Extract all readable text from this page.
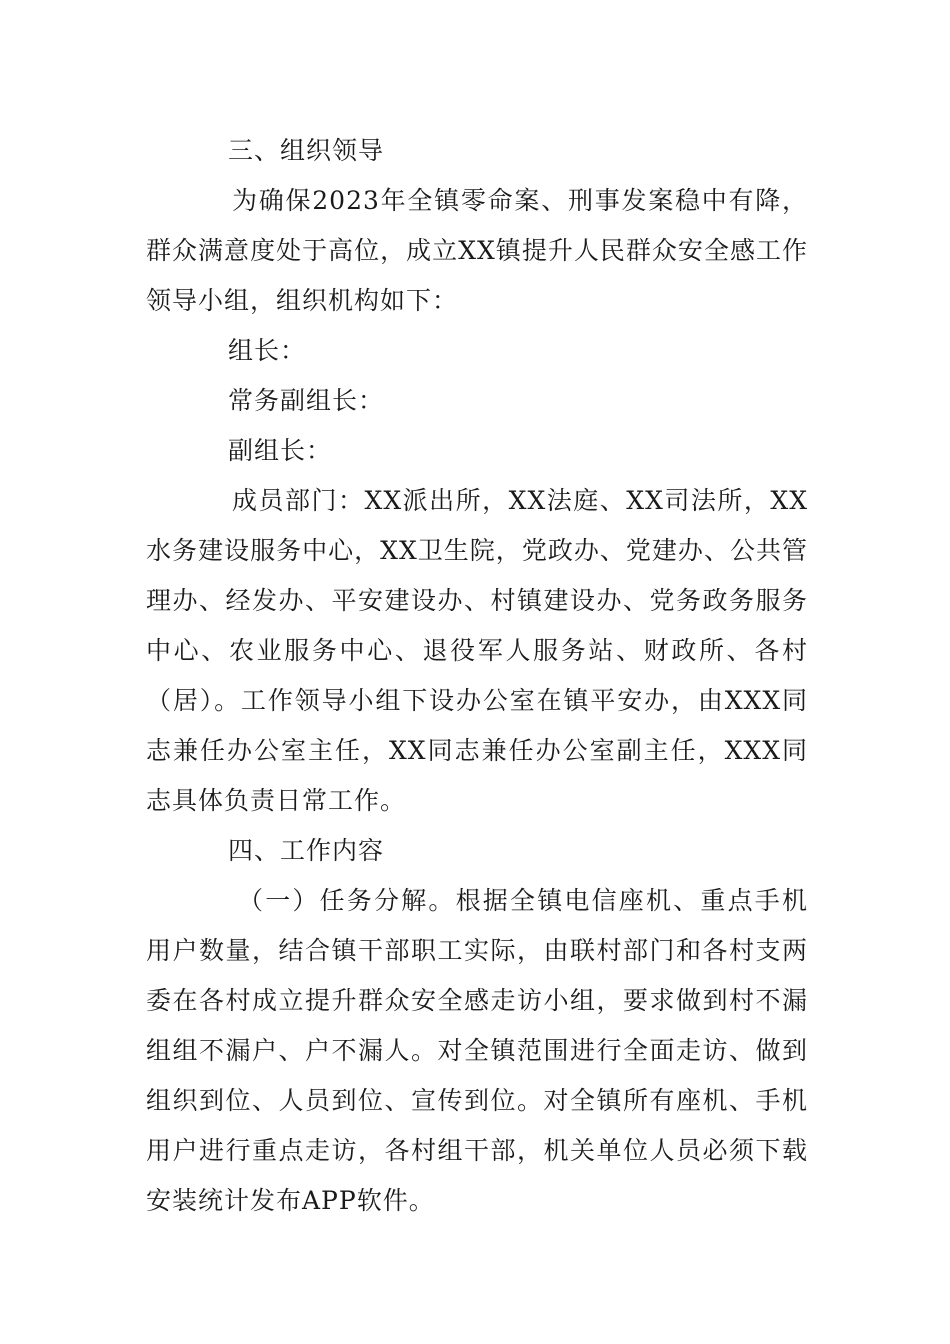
三、组织领导

为确保2023年全镇零命案、刑事发案稳中有降，群众满意度处于高位，成立XX镇提升人民群众安全感工作领导小组，组织机构如下：

组长：

常务副组长：

副组长：

成员部门：XX派出所，XX法庭、XX司法所，XX水务建设服务中心，XX卫生院，党政办、党建办、公共管理办、经发办、平安建设办、村镇建设办、党务政务服务中心、农业服务中心、退役军人服务站、财政所、各村（居）。工作领导小组下设办公室在镇平安办，由XXX同志兼任办公室主任，XX同志兼任办公室副主任，XXX同志具体负责日常工作。

四、工作内容

（一）任务分解。根据全镇电信座机、重点手机用户数量，结合镇干部职工实际，由联村部门和各村支两委在各村成立提升群众安全感走访小组，要求做到村不漏组组不漏户、户不漏人。对全镇范围进行全面走访、做到组织到位、人员到位、宣传到位。对全镇所有座机、手机用户进行重点走访，各村组干部，机关单位人员必须下载安装统计发布APP软件。
